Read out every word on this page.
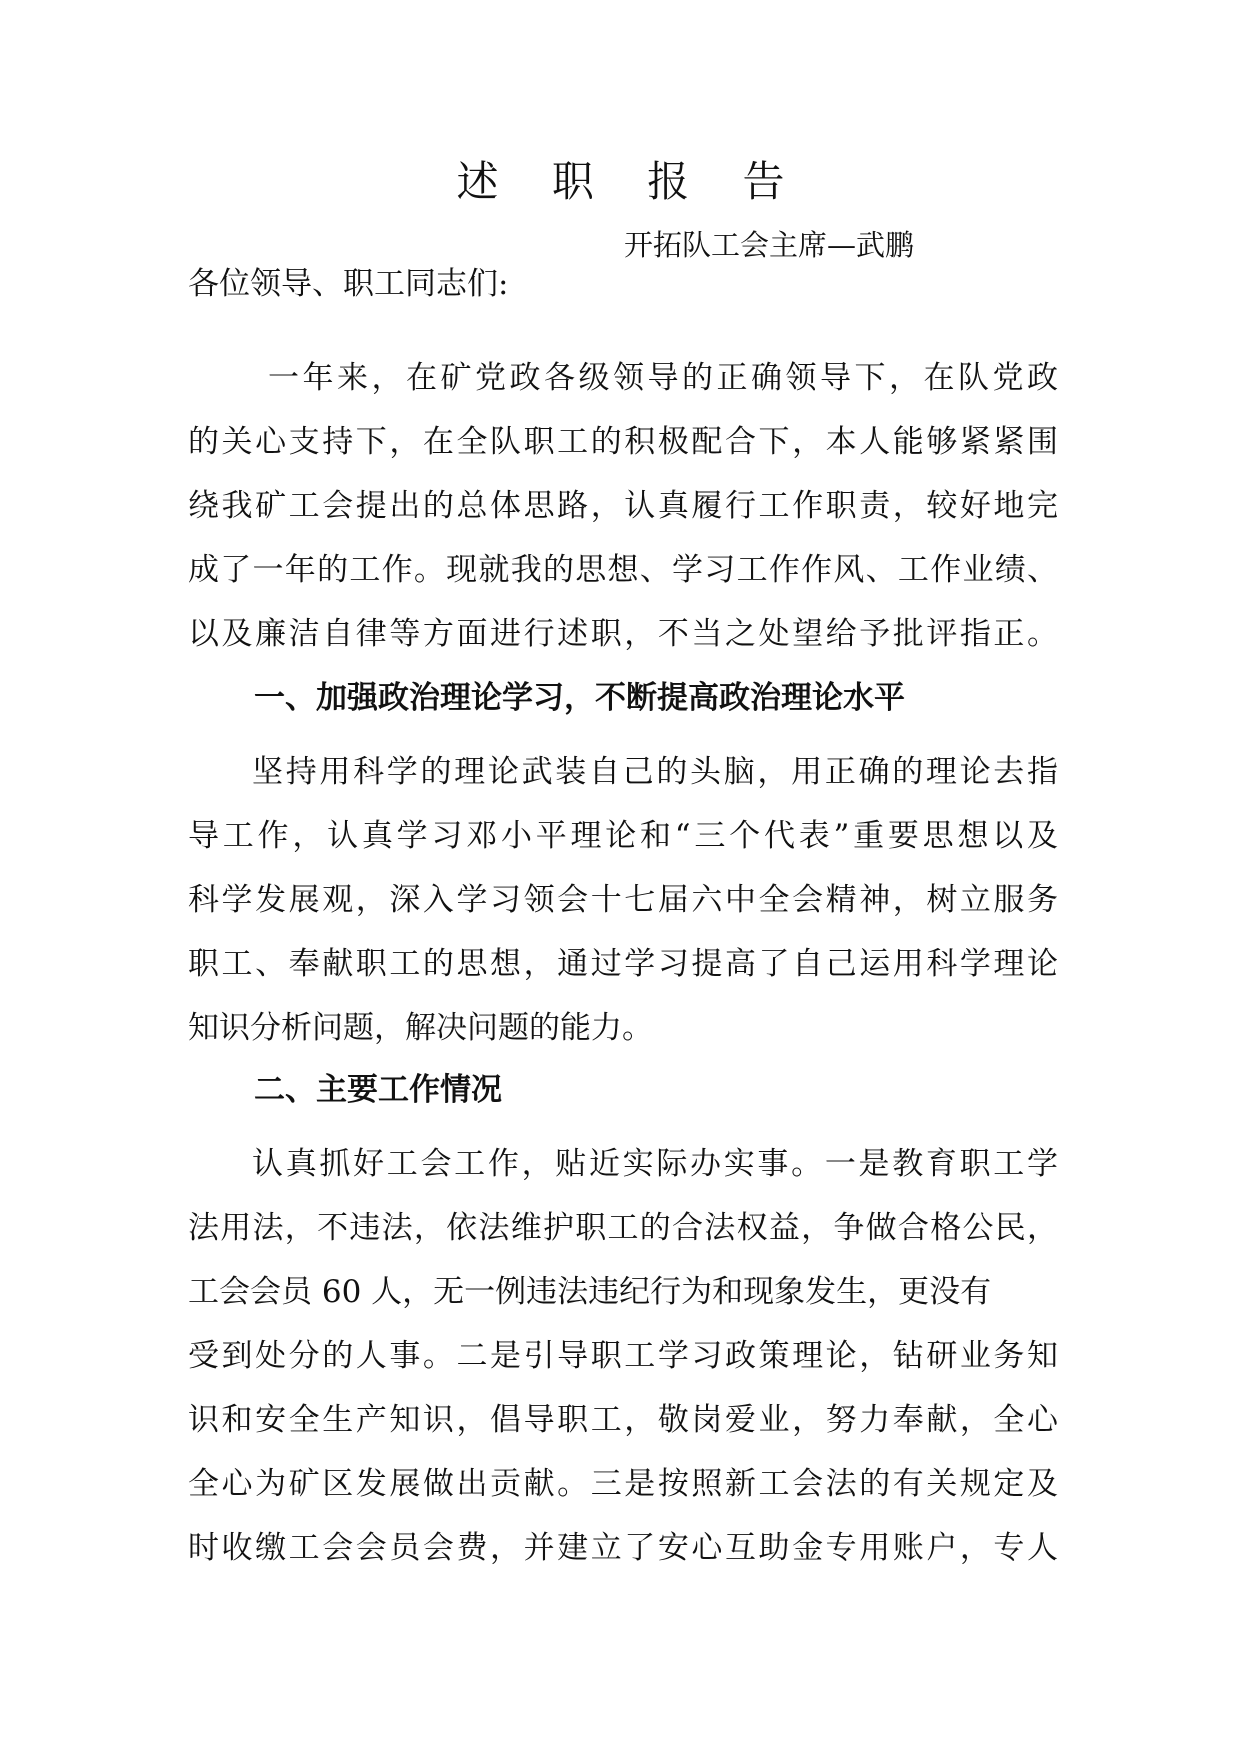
述 职 报 告
开拓队工会主席—武鹏
各位领导、职工同志们:
一年来，在矿党政各级领导的正确领导下，在队党政
的关心支持下，在全队职工的积极配合下，本人能够紧紧围
绕我矿工会提出的总体思路，认真履行工作职责，较好地完
成了一年的工作。现就我的思想、学习工作作风、工作业绩、
以及廉洁自律等方面进行述职，不当之处望给予批评指正。
一、加强政治理论学习，不断提高政治理论水平
坚持用科学的理论武装自己的头脑，用正确的理论去指
导工作，认真学习邓小平理论和“三个代表”重要思想以及
科学发展观，深入学习领会十七届六中全会精神，树立服务
职工、奉献职工的思想，通过学习提高了自己运用科学理论
知识分析问题，解决问题的能力。
二、主要工作情况
认真抓好工会工作，贴近实际办实事。一是教育职工学
法用法，不违法，依法维护职工的合法权益，争做合格公民，
工会会员 60 人，无一例违法违纪行为和现象发生，更没有
受到处分的人事。二是引导职工学习政策理论，钻研业务知
识和安全生产知识，倡导职工，敬岗爱业，努力奉献，全心
全心为矿区发展做出贡献。三是按照新工会法的有关规定及
时收缴工会会员会费，并建立了安心互助金专用账户，专人
